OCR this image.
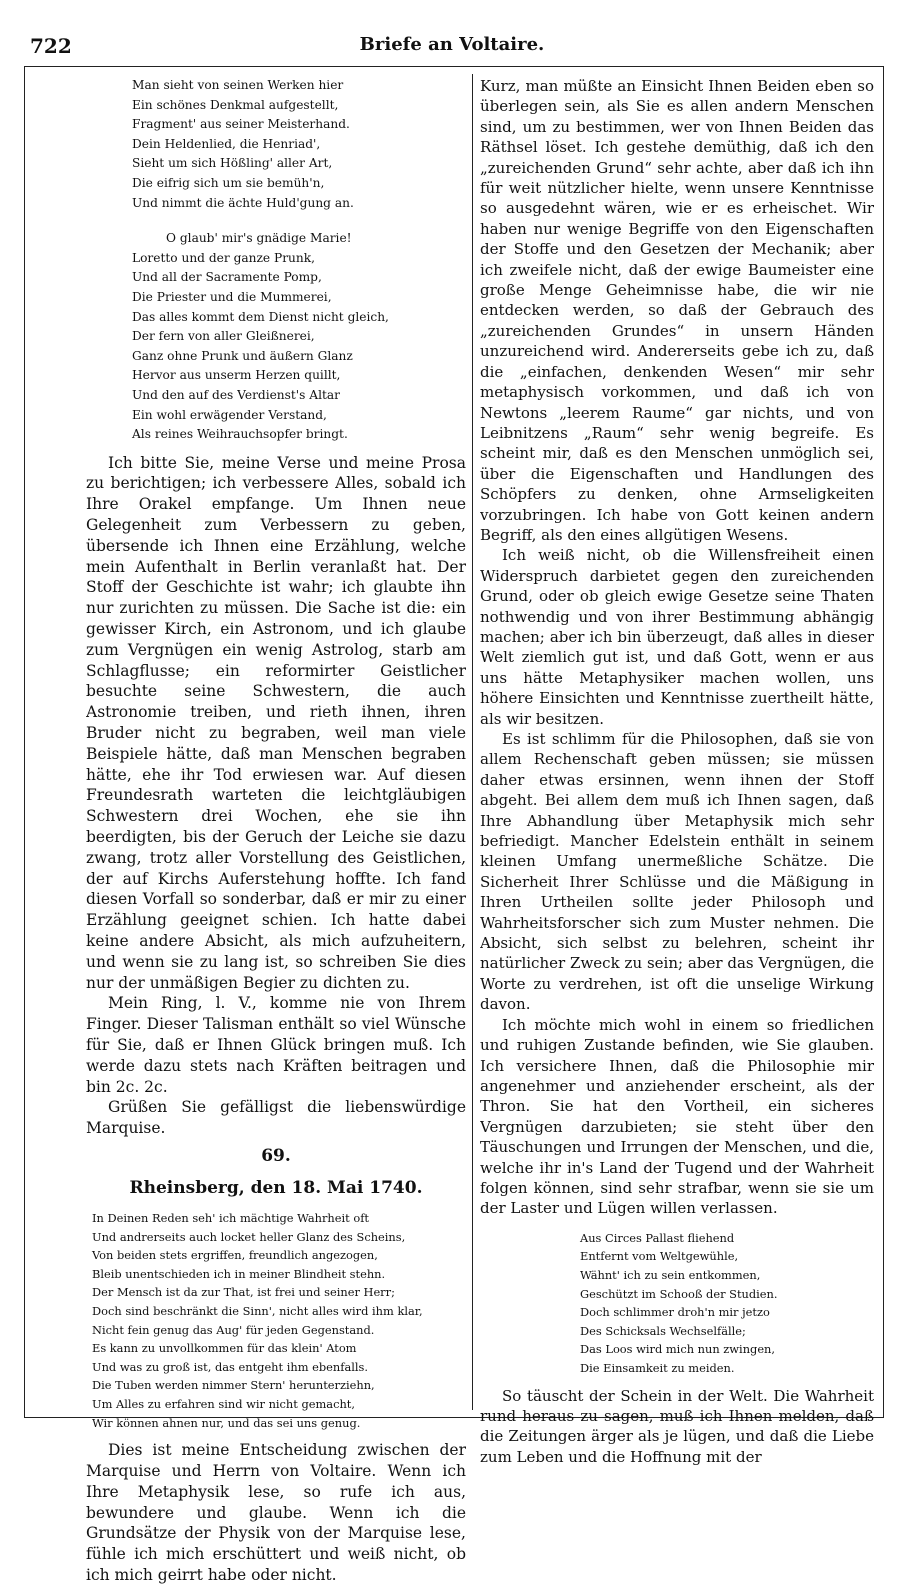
722	Briefe an Voltaire.
Man sieht von seinen Werken hier
Ein schönes Denkmal aufgestellt,
Fragment' aus seiner Meisterhand.
Dein Heldenlied, die Henriad',
Sieht um sich Hößling' aller Art,
Die eifrig sich um sie bemüh'n,
Und nimmt die ächte Huld'gung an.
O glaub' mir's gnädige Marie!
Loretto und der ganze Prunk,
Und all der Sacramente Pomp,
Die Priester und die Mummerei,
Das alles kommt dem Dienst nicht gleich,
Der fern von aller Gleißnerei,
Ganz ohne Prunk und äußern Glanz
Hervor aus unserm Herzen quillt,
Und den auf des Verdienst's Altar
Ein wohl erwägender Verstand,
Als reines Weihrauchsopfer bringt.

Ich bitte Sie, meine Verse und meine Prosa zu berichtigen; ich verbessere Alles, sobald ich Ihre Orakel empfange. Um Ihnen neue Gelegenheit zum Verbessern zu geben, übersende ich Ihnen eine Erzählung, welche mein Aufenthalt in Berlin veranlaßt hat. Der Stoff der Geschichte ist wahr; ich glaubte ihn nur zurichten zu müssen. Die Sache ist die: ein gewisser Kirch, ein Astronom, und ich glaube zum Vergnügen ein wenig Astrolog, starb am Schlagflusse; ein reformirter Geistlicher besuchte seine Schwestern, die auch Astronomie treiben, und rieth ihnen, ihren Bruder nicht zu begraben, weil man viele Beispiele hätte, daß man Menschen begraben hätte, ehe ihr Tod erwiesen war. Auf diesen Freundesrath warteten die leichtgläubigen Schwestern drei Wochen, ehe sie ihn beerdigten, bis der Geruch der Leiche sie dazu zwang, trotz aller Vorstellung des Geistlichen, der auf Kirchs Auferstehung hoffte. Ich fand diesen Vorfall so sonderbar, daß er mir zu einer Erzählung geeignet schien. Ich hatte dabei keine andere Absicht, als mich aufzuheitern, und wenn sie zu lang ist, so schreiben Sie dies nur der unmäßigen Begier zu dichten zu.

Mein Ring, l. V., komme nie von Ihrem Finger. Dieser Talisman enthält so viel Wünsche für Sie, daß er Ihnen Glück bringen muß. Ich werde dazu stets nach Kräften beitragen und bin 2c. 2c.

Grüßen Sie gefälligst die liebenswürdige Marquise.

69.
Rheinsberg, den 18. Mai 1740.
In Deinen Reden seh' ich mächtige Wahrheit oft
Und andrerseits auch locket heller Glanz des Scheins,
Von beiden stets ergriffen, freundlich angezogen,
Bleib unentschieden ich in meiner Blindheit stehn.
Der Mensch ist da zur That, ist frei und seiner Herr;
Doch sind beschränkt die Sinn', nicht alles wird ihm klar,
Nicht fein genug das Aug' für jeden Gegenstand.
Es kann zu unvollkommen für das klein' Atom
Und was zu groß ist, das entgeht ihm ebenfalls.
Die Tuben werden nimmer Stern' herunterziehn,
Um Alles zu erfahren sind wir nicht gemacht,
Wir können ahnen nur, und das sei uns genug.

Dies ist meine Entscheidung zwischen der Marquise und Herrn von Voltaire. Wenn ich Ihre Metaphysik lese, so rufe ich aus, bewundere und glaube. Wenn ich die Grundsätze der Physik von der Marquise lese, fühle ich mich erschüttert und weiß nicht, ob ich mich geirrt habe oder nicht.

Kurz, man müßte an Einsicht Ihnen Beiden eben so überlegen sein, als Sie es allen andern Menschen sind, um zu bestimmen, wer von Ihnen Beiden das Räthsel löset. Ich gestehe demüthig, daß ich den „zureichenden Grund“ sehr achte, aber daß ich ihn für weit nützlicher hielte, wenn unsere Kenntnisse so ausgedehnt wären, wie er es erheischet. Wir haben nur wenige Begriffe von den Eigenschaften der Stoffe und den Gesetzen der Mechanik; aber ich zweifele nicht, daß der ewige Baumeister eine große Menge Geheimnisse habe, die wir nie entdecken werden, so daß der Gebrauch des „zureichenden Grundes“ in unsern Händen unzureichend wird. Andererseits gebe ich zu, daß die „einfachen, denkenden Wesen“ mir sehr metaphysisch vorkommen, und daß ich von Newtons „leerem Raume“ gar nichts, und von Leibnitzens „Raum“ sehr wenig begreife. Es scheint mir, daß es den Menschen unmöglich sei, über die Eigenschaften und Handlungen des Schöpfers zu denken, ohne Armseligkeiten vorzubringen. Ich habe von Gott keinen andern Begriff, als den eines allgütigen Wesens.

Ich weiß nicht, ob die Willensfreiheit einen Widerspruch darbietet gegen den zureichenden Grund, oder ob gleich ewige Gesetze seine Thaten nothwendig und von ihrer Bestimmung abhängig machen; aber ich bin überzeugt, daß alles in dieser Welt ziemlich gut ist, und daß Gott, wenn er aus uns hätte Metaphysiker machen wollen, uns höhere Einsichten und Kenntnisse zuertheilt hätte, als wir besitzen.

Es ist schlimm für die Philosophen, daß sie von allem Rechenschaft geben müssen; sie müssen daher etwas ersinnen, wenn ihnen der Stoff abgeht. Bei allem dem muß ich Ihnen sagen, daß Ihre Abhandlung über Metaphysik mich sehr befriedigt. Mancher Edelstein enthält in seinem kleinen Umfang unermeßliche Schätze. Die Sicherheit Ihrer Schlüsse und die Mäßigung in Ihren Urtheilen sollte jeder Philosoph und Wahrheitsforscher sich zum Muster nehmen. Die Absicht, sich selbst zu belehren, scheint ihr natürlicher Zweck zu sein; aber das Vergnügen, die Worte zu verdrehen, ist oft die unselige Wirkung davon.

Ich möchte mich wohl in einem so friedlichen und ruhigen Zustande befinden, wie Sie glauben. Ich versichere Ihnen, daß die Philosophie mir angenehmer und anziehender erscheint, als der Thron. Sie hat den Vortheil, ein sicheres Vergnügen darzubieten; sie steht über den Täuschungen und Irrungen der Menschen, und die, welche ihr in's Land der Tugend und der Wahrheit folgen können, sind sehr strafbar, wenn sie sie um der Laster und Lügen willen verlassen.

Aus Circes Pallast fliehend
Entfernt vom Weltgewühle,
Wähnt' ich zu sein entkommen,
Geschützt im Schooß der Studien.
Doch schlimmer droh'n mir jetzo
Des Schicksals Wechselfälle;
Das Loos wird mich nun zwingen,
Die Einsamkeit zu meiden.

So täuscht der Schein in der Welt. Die Wahrheit rund heraus zu sagen, muß ich Ihnen melden, daß die Zeitungen ärger als je lügen, und daß die Liebe zum Leben und die Hoffnung mit der
